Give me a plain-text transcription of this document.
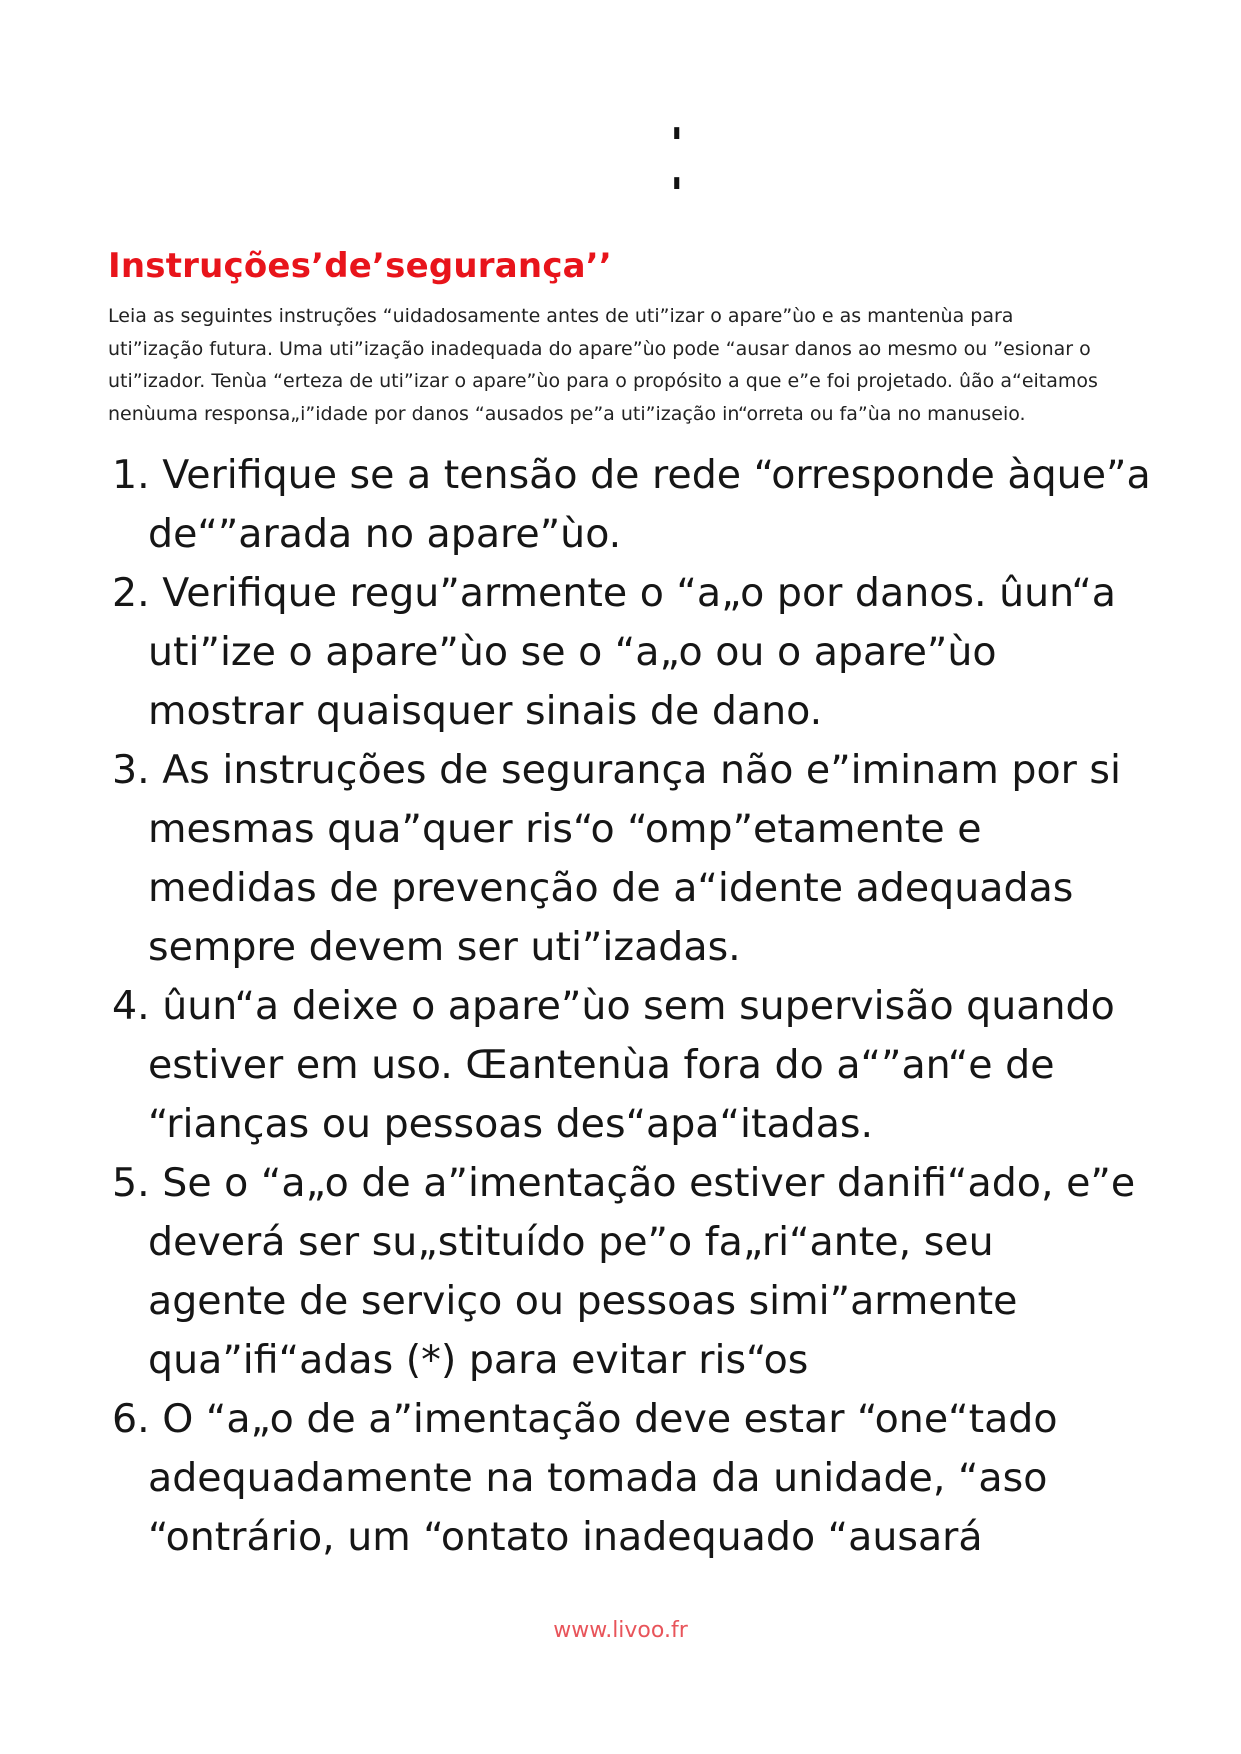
'
'
Instruções’de’segurança’’

Leia as seguintes instruções “uidadosamente antes de uti”izar o apare”ùo e as mantenùa para
uti”ização futura. Uma uti”ização inadequada do apare”ùo pode “ausar danos ao mesmo ou ”esionar o
uti”izador. Tenùa “erteza de uti”izar o apare”ùo para o propósito a que e”e foi projetado. ûão a“eitamos
nenùuma responsa„i”idade por danos “ausados pe”a uti”ização in“orreta ou fa”ùa no manuseio.

1. Verifique se a tensão de rede “orresponde àque”a
de“”arada no apare”ùo.
2. Verifique regu”armente o “a„o por danos. ûun“a
uti”ize o apare”ùo se o “a„o ou o apare”ùo
mostrar quaisquer sinais de dano.
3. As instruções de segurança não e”iminam por si
mesmas qua”quer ris“o “omp”etamente e
medidas de prevenção de a“idente adequadas
sempre devem ser uti”izadas.
4. ûun“a deixe o apare”ùo sem supervisão quando
estiver em uso. Œantenùa fora do a“”an“e de
“rianças ou pessoas des“apa“itadas.
5. Se o “a„o de a”imentação estiver danifi“ado, e”e
deverá ser su„stituído pe”o fa„ri“ante, seu
agente de serviço ou pessoas simi”armente
qua”ifi“adas (*) para evitar ris“os
6. O “a„o de a”imentação deve estar “one“tado
adequadamente na tomada da unidade, “aso
“ontrário, um “ontato inadequado “ausará
www.livoo.fr
